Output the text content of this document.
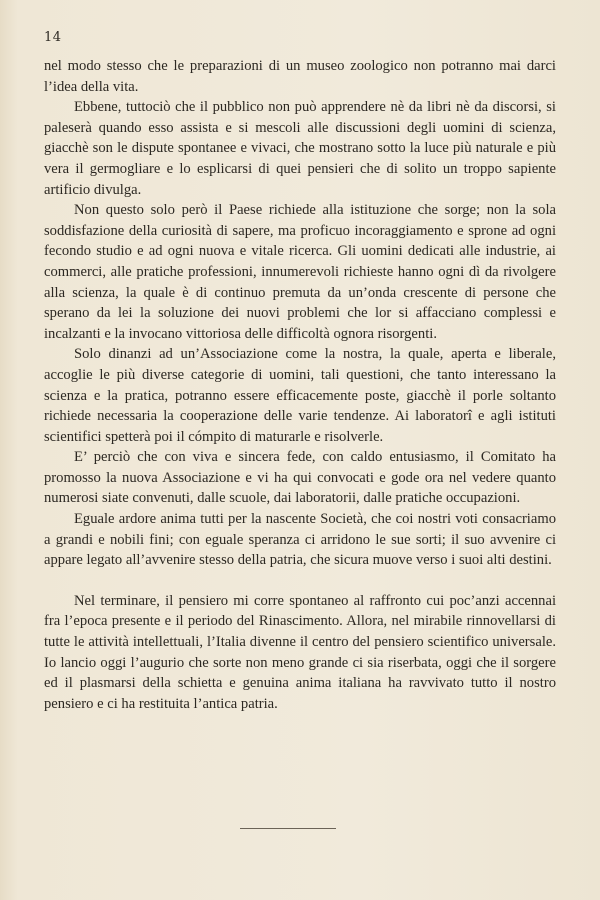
14

nel modo stesso che le preparazioni di un museo zoologico non potranno mai darci l’idea della vita.

Ebbene, tuttociò che il pubblico non può apprendere nè da libri nè da discorsi, si paleserà quando esso assista e si mescoli alle discussioni degli uomini di scienza, giacchè son le dispute spontanee e vivaci, che mostrano sotto la luce più naturale e più vera il germogliare e lo esplicarsi di quei pensieri che di solito un troppo sapiente artificio divulga.

Non questo solo però il Paese richiede alla istituzione che sorge; non la sola soddisfazione della curiosità di sapere, ma proficuo incoraggiamento e sprone ad ogni fecondo studio e ad ogni nuova e vitale ricerca. Gli uomini dedicati alle industrie, ai commerci, alle pratiche professioni, innumerevoli richieste hanno ogni dì da rivolgere alla scienza, la quale è di continuo premuta da un’onda crescente di persone che sperano da lei la soluzione dei nuovi problemi che lor si affacciano complessi e incalzanti e la invocano vittoriosa delle difficoltà ognora risorgenti.

Solo dinanzi ad un’Associazione come la nostra, la quale, aperta e liberale, accoglie le più diverse categorie di uomini, tali questioni, che tanto interessano la scienza e la pratica, potranno essere efficacemente poste, giacchè il porle soltanto richiede necessaria la cooperazione delle varie tendenze. Ai laboratorî e agli istituti scientifici spetterà poi il cómpito di maturarle e risolverle.

E’ perciò che con viva e sincera fede, con caldo entusiasmo, il Comitato ha promosso la nuova Associazione e vi ha qui convocati e gode ora nel vedere quanto numerosi siate convenuti, dalle scuole, dai laboratorii, dalle pratiche occupazioni.

Eguale ardore anima tutti per la nascente Società, che coi nostri voti consacriamo a grandi e nobili fini; con eguale speranza ci arridono le sue sorti; il suo avvenire ci appare legato all’avvenire stesso della patria, che sicura muove verso i suoi alti destini.

Nel terminare, il pensiero mi corre spontaneo al raffronto cui poc’anzi accennai fra l’epoca presente e il periodo del Rinascimento. Allora, nel mirabile rinnovellarsi di tutte le attività intellettuali, l’Italia divenne il centro del pensiero scientifico universale. Io lancio oggi l’augurio che sorte non meno grande ci sia riserbata, oggi che il sorgere ed il plasmarsi della schietta e genuina anima italiana ha ravvivato tutto il nostro pensiero e ci ha restituita l’antica patria.
